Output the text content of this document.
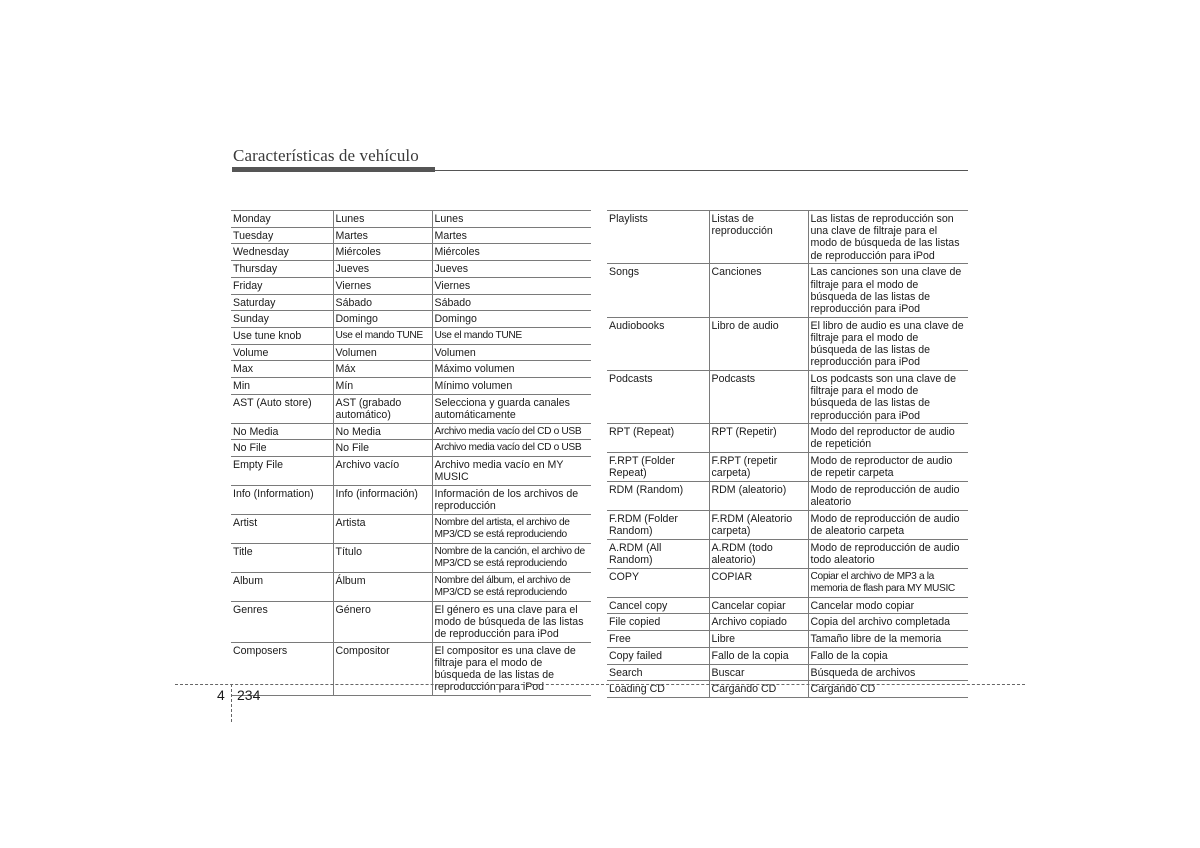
Características de vehículo
Monday	Lunes	Lunes
Tuesday	Martes	Martes
Wednesday	Miércoles	Miércoles
Thursday	Jueves	Jueves
Friday	Viernes	Viernes
Saturday	Sábado	Sábado
Sunday	Domingo	Domingo
Use tune knob	Use el mando TUNE	Use el mando TUNE
Volume	Volumen	Volumen
Max	Máx	Máximo volumen
Min	Mín	Mínimo volumen
AST (Auto store)	AST (grabado automático)	Selecciona y guarda canales automáticamente
No Media	No Media	Archivo media vacío del CD o USB
No File	No File	Archivo media vacío del CD o USB
Empty File	Archivo vacío	Archivo media vacío en MY MUSIC
Info (Information)	Info (información)	Información de los archivos de reproducción
Artist	Artista	Nombre del artista, el archivo de MP3/CD se está reproduciendo
Title	Título	Nombre de la canción, el archivo de MP3/CD se está reproduciendo
Album	Álbum	Nombre del álbum, el archivo de MP3/CD se está reproduciendo
Genres	Género	El género es una clave para el modo de búsqueda de las listas de reproducción para iPod
Composers	Compositor	El compositor es una clave de filtraje para el modo de búsqueda de las listas de reproducción para iPod
Playlists	Listas de reproducción	Las listas de reproducción son una clave de filtraje para el modo de búsqueda de las listas de reproducción para iPod
Songs	Canciones	Las canciones son una clave de filtraje para el modo de búsqueda de las listas de reproducción para iPod
Audiobooks	Libro de audio	El libro de audio es una clave de filtraje para el modo de búsqueda de las listas de reproducción para iPod
Podcasts	Podcasts	Los podcasts son una clave de filtraje para el modo de búsqueda de las listas de reproducción para iPod
RPT (Repeat)	RPT (Repetir)	Modo del reproductor de audio de repetición
F.RPT (Folder Repeat)	F.RPT (repetir carpeta)	Modo de reproductor de audio de repetir carpeta
RDM (Random)	RDM (aleatorio)	Modo de reproducción de audio aleatorio
F.RDM (Folder Random)	F.RDM (Aleatorio carpeta)	Modo de reproducción de audio de aleatorio carpeta
A.RDM (All Random)	A.RDM (todo aleatorio)	Modo de reproducción de audio todo aleatorio
COPY	COPIAR	Copiar el archivo de MP3 a la memoria de flash para MY MUSIC
Cancel copy	Cancelar copiar	Cancelar modo copiar
File copied	Archivo copiado	Copia del archivo completada
Free	Libre	Tamaño libre de la memoria
Copy failed	Fallo de la copia	Fallo de la copia
Search	Buscar	Búsqueda de archivos
Loading CD	Cargando CD	Cargando CD
4 234
